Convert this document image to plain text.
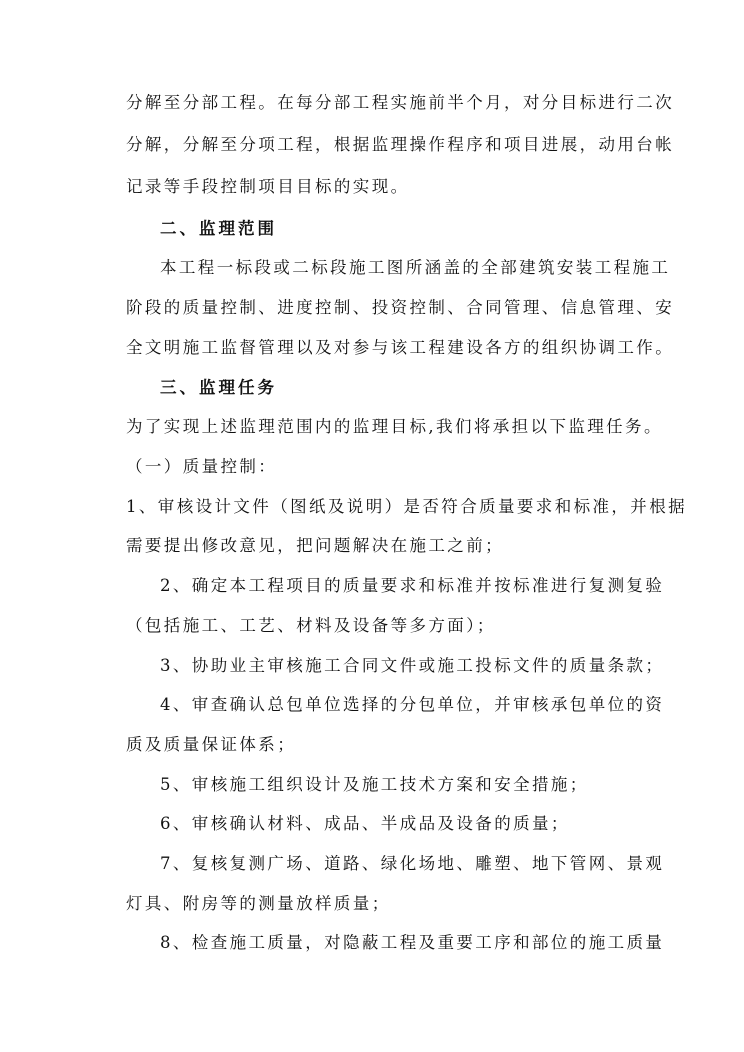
分解至分部工程。在每分部工程实施前半个月，对分目标进行二次
分解，分解至分项工程，根据监理操作程序和项目进展，动用台帐
记录等手段控制项目目标的实现。
二、监理范围
本工程一标段或二标段施工图所涵盖的全部建筑安装工程施工
阶段的质量控制、进度控制、投资控制、合同管理、信息管理、安
全文明施工监督管理以及对参与该工程建设各方的组织协调工作。
三、监理任务
为了实现上述监理范围内的监理目标,我们将承担以下监理任务。
（一）质量控制：
1、审核设计文件（图纸及说明）是否符合质量要求和标准，并根据
需要提出修改意见，把问题解决在施工之前；
2、确定本工程项目的质量要求和标准并按标准进行复测复验
（包括施工、工艺、材料及设备等多方面）；
3、协助业主审核施工合同文件或施工投标文件的质量条款；
4、审查确认总包单位选择的分包单位，并审核承包单位的资
质及质量保证体系；
5、审核施工组织设计及施工技术方案和安全措施；
6、审核确认材料、成品、半成品及设备的质量；
7、复核复测广场、道路、绿化场地、雕塑、地下管网、景观
灯具、附房等的测量放样质量；
8、检查施工质量，对隐蔽工程及重要工序和部位的施工质量
